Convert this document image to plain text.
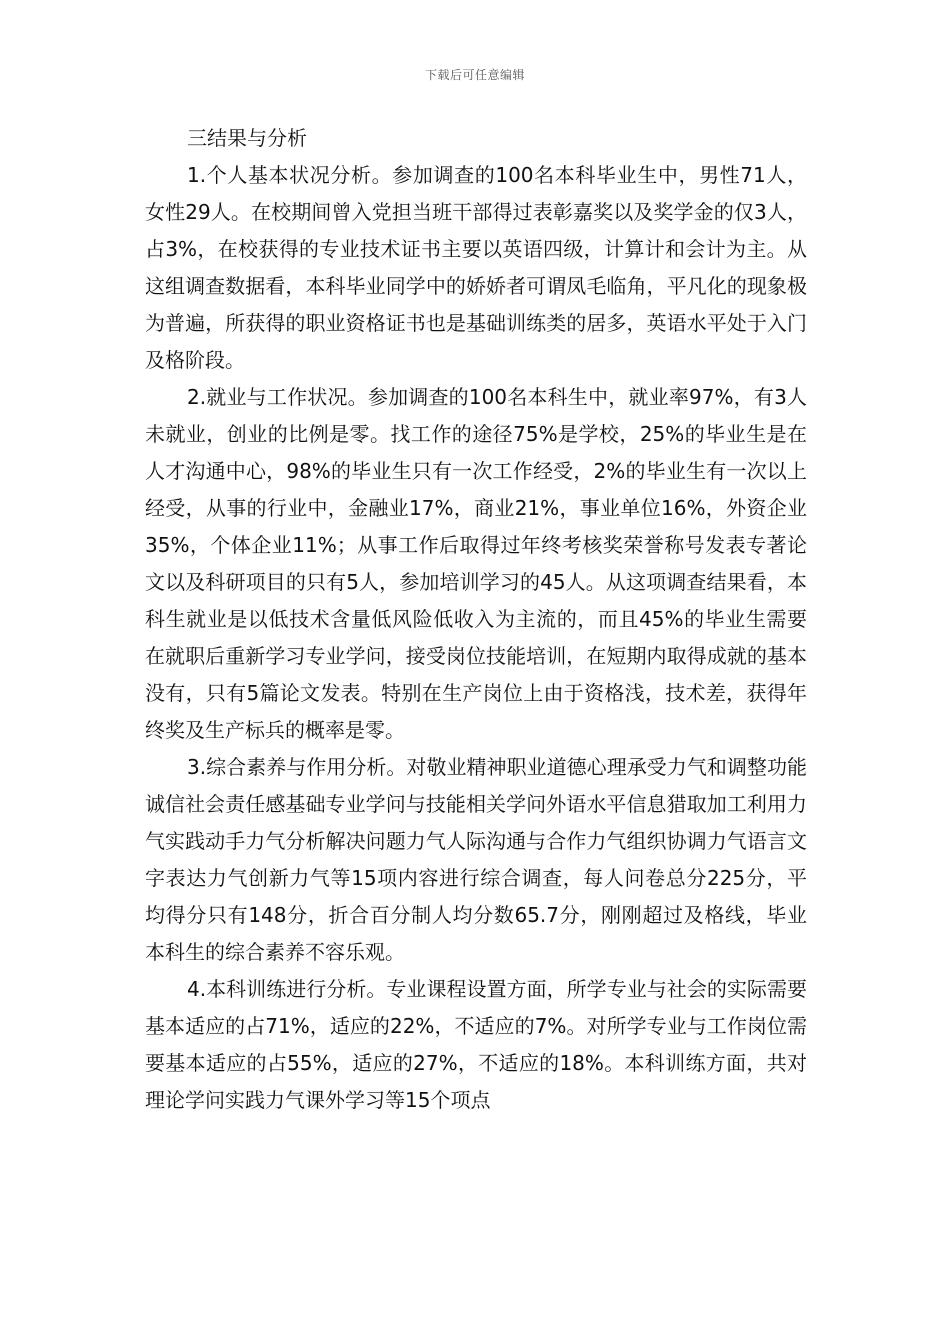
下载后可任意编辑
三结果与分析

1.个人基本状况分析。参加调查的100名本科毕业生中，男性71人，女性29人。在校期间曾入党担当班干部得过表彰嘉奖以及奖学金的仅3人，占3%，在校获得的专业技术证书主要以英语四级，计算计和会计为主。从这组调查数据看，本科毕业同学中的娇娇者可谓凤毛临角，平凡化的现象极为普遍，所获得的职业资格证书也是基础训练类的居多，英语水平处于入门及格阶段。

2.就业与工作状况。参加调查的100名本科生中，就业率97%，有3人未就业，创业的比例是零。找工作的途径75%是学校，25%的毕业生是在人才沟通中心，98%的毕业生只有一次工作经受，2%的毕业生有一次以上经受，从事的行业中，金融业17%，商业21%，事业单位16%，外资企业35%，个体企业11%；从事工作后取得过年终考核奖荣誉称号发表专著论文以及科研项目的只有5人，参加培训学习的45人。从这项调查结果看，本科生就业是以低技术含量低风险低收入为主流的，而且45%的毕业生需要在就职后重新学习专业学问，接受岗位技能培训，在短期内取得成就的基本没有，只有5篇论文发表。特别在生产岗位上由于资格浅，技术差，获得年终奖及生产标兵的概率是零。

3.综合素养与作用分析。对敬业精神职业道德心理承受力气和调整功能诚信社会责任感基础专业学问与技能相关学问外语水平信息猎取加工利用力气实践动手力气分析解决问题力气人际沟通与合作力气组织协调力气语言文字表达力气创新力气等15项内容进行综合调查，每人问卷总分225分，平均得分只有148分，折合百分制人均分数65.7分，刚刚超过及格线，毕业本科生的综合素养不容乐观。

4.本科训练进行分析。专业课程设置方面，所学专业与社会的实际需要基本适应的占71%，适应的22%，不适应的7%。对所学专业与工作岗位需要基本适应的占55%，适应的27%，不适应的18%。本科训练方面，共对理论学问实践力气课外学习等15个项点
